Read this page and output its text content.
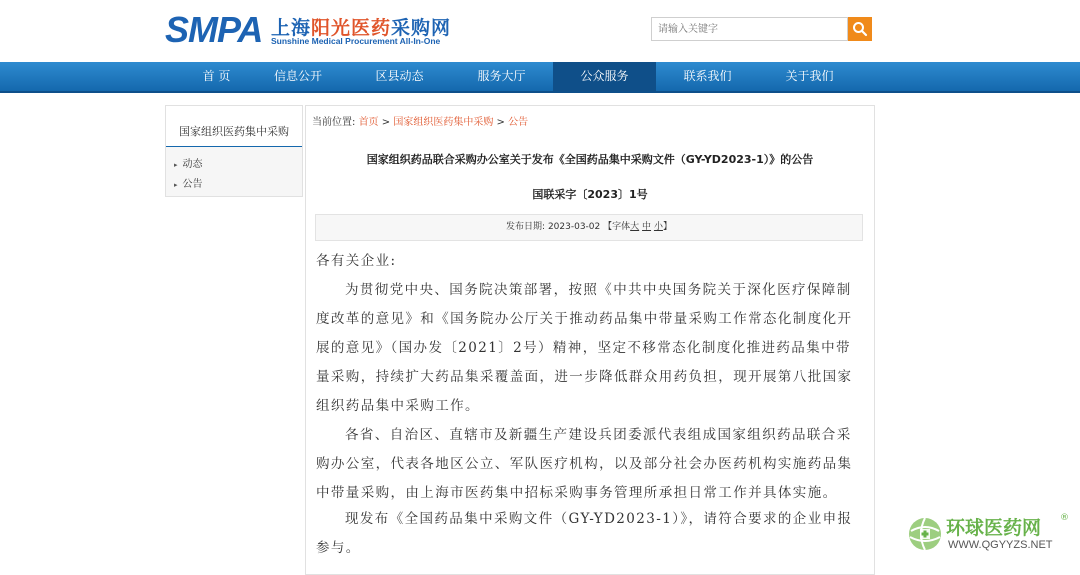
SMPA 上海阳光医药采购网
Sunshine Medical Procurement All-In-One
请输入关键字
首 页	信息公开	区县动态	服务大厅	公众服务	联系我们	关于我们
国家组织医药集中采购
▸ 动态
▸ 公告
当前位置: 首页 > 国家组织医药集中采购 > 公告
国家组织药品联合采购办公室关于发布《全国药品集中采购文件（GY-YD2023-1）》的公告
国联采字〔2023〕1号
发布日期: 2023-03-02 【字体大 中 小】
各有关企业:
为贯彻党中央、国务院决策部署，按照《中共中央国务院关于深化医疗保障制度改革的意见》和《国务院办公厅关于推动药品集中带量采购工作常态化制度化开展的意见》（国办发〔2021〕2号）精神，坚定不移常态化制度化推进药品集中带量采购，持续扩大药品集采覆盖面，进一步降低群众用药负担，现开展第八批国家组织药品集中采购工作。
各省、自治区、直辖市及新疆生产建设兵团委派代表组成国家组织药品联合采购办公室，代表各地区公立、军队医疗机构，以及部分社会办医药机构实施药品集中带量采购，由上海市医药集中招标采购事务管理所承担日常工作并具体实施。
现发布《全国药品集中采购文件（GY-YD2023-1）》，请符合要求的企业申报参与。
环球医药网 ®
WWW.QGYYZS.NET
